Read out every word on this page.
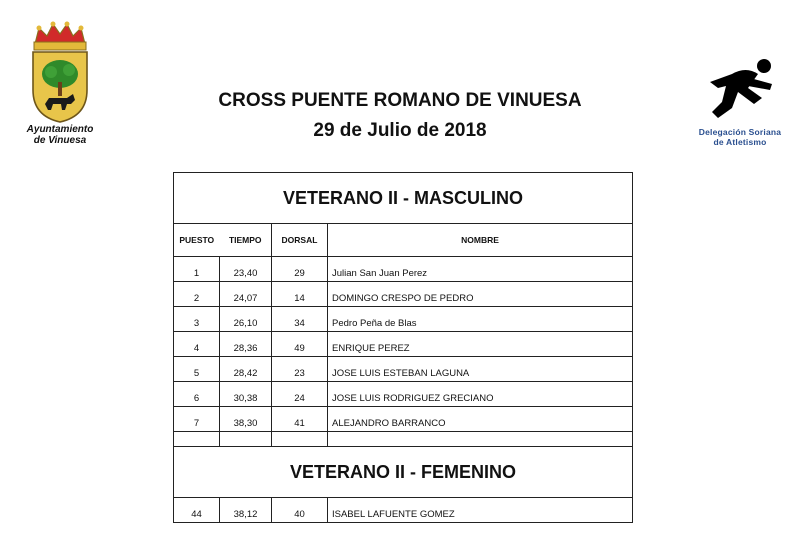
Ayuntamiento
de Vinuesa
Delegación Soriana
de Atletismo
CROSS PUENTE ROMANO DE VINUESA
29 de Julio de 2018
VETERANO II - MASCULINO			
PUESTO	TIEMPO	DORSAL	NOMBRE
1	23,40	29	Julian San Juan Perez
2	24,07	14	DOMINGO CRESPO DE PEDRO
3	26,10	34	Pedro Peña de Blas
4	28,36	49	ENRIQUE PEREZ
5	28,42	23	JOSE LUIS ESTEBAN LAGUNA
6	30,38	24	JOSE LUIS RODRIGUEZ GRECIANO
7	38,30	41	ALEJANDRO BARRANCO

VETERANO II - FEMENINO			
44	38,12	40	ISABEL LAFUENTE GOMEZ
